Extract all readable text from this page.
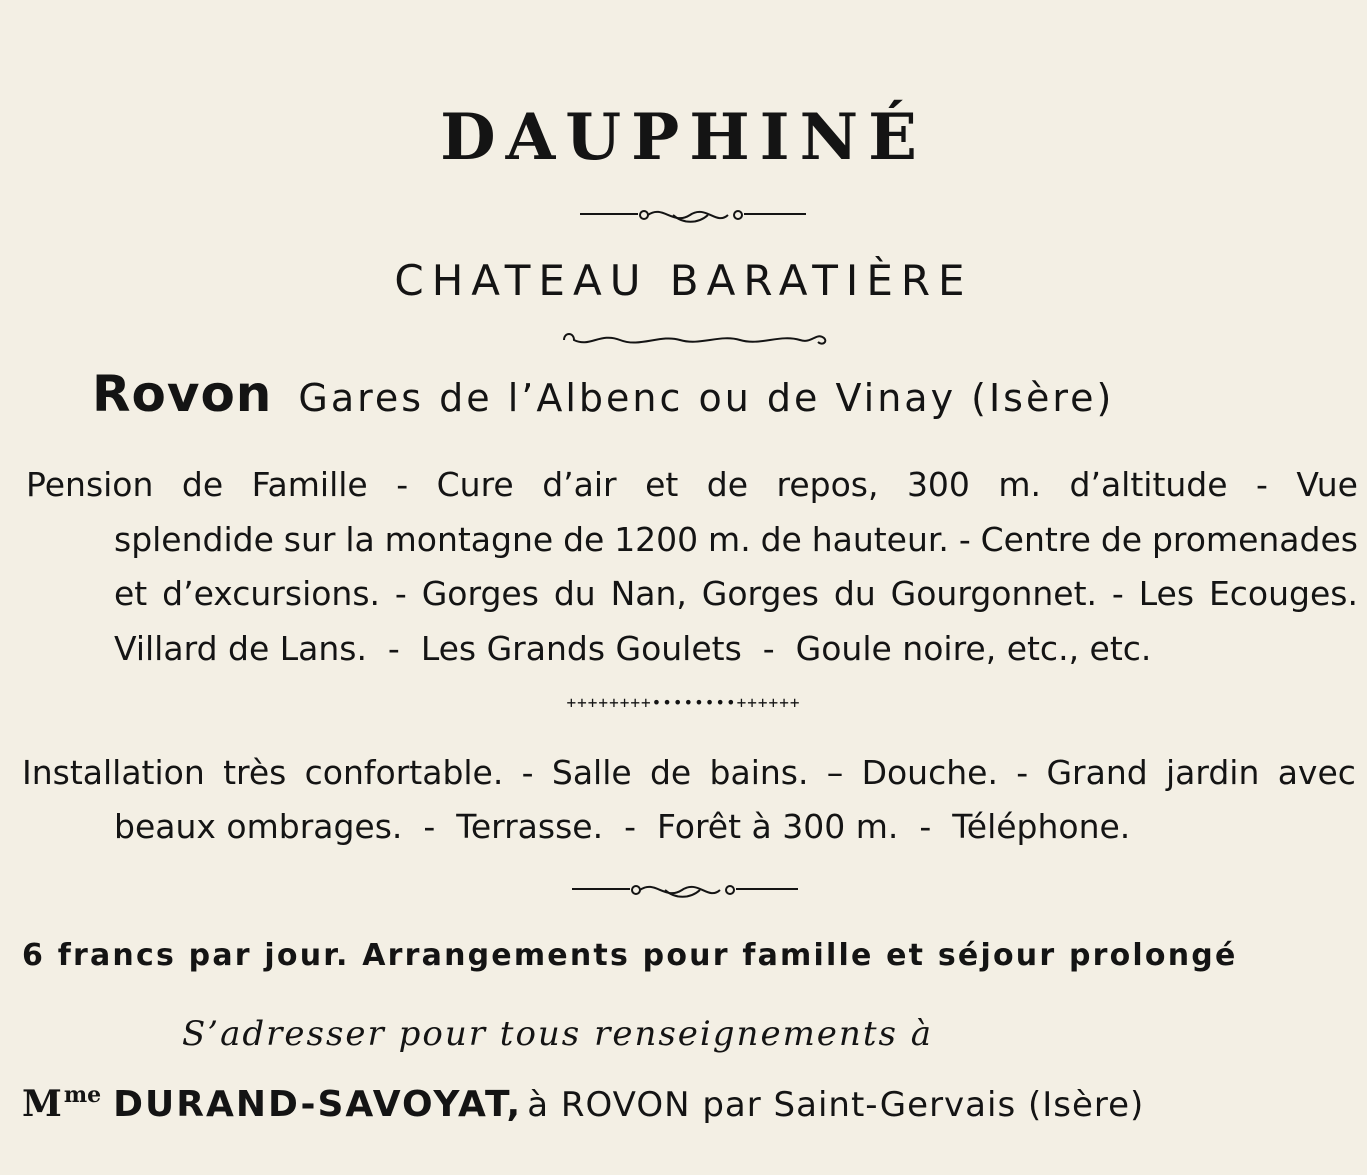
DAUPHINÉ
CHATEAU BARATIÈRE
Rovon Gares de l’Albenc ou de Vinay (Isère)
Pension de Famille - Cure d’air et de repos, 300 m. d’altitude - Vue
splendide sur la montagne de 1200 m. de hauteur. - Centre de promenades
et d’excursions. - Gorges du Nan, Gorges du Gourgonnet. - Les Ecouges.
Villard de Lans.  -  Les Grands Goulets  -  Goule noire, etc., etc.
++++++++••••••••++++++
Installation très confortable. - Salle de bains. – Douche. - Grand jardin avec
beaux ombrages.  -  Terrasse.  -  Forêt à 300 m.  -  Téléphone.
6 francs par jour. Arrangements pour famille et séjour prolongé
S’adresser pour tous renseignements à
$M^{me}$ DURAND-SAVOYAT, à ROVON par Saint-Gervais (Isère)
